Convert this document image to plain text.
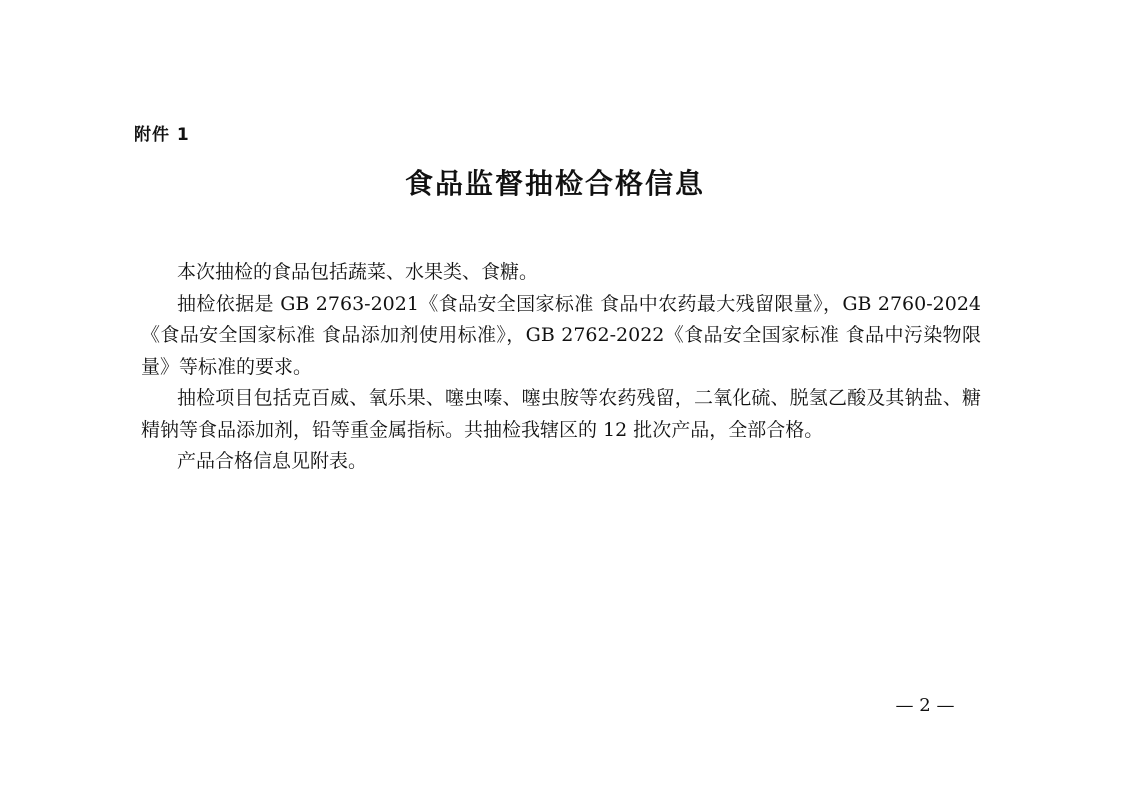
附件 1
食品监督抽检合格信息

本次抽检的食品包括蔬菜、水果类、食糖。

抽检依据是 GB 2763-2021《食品安全国家标准 食品中农药最大残留限量》，GB 2760-2024《食品安全国家标准 食品添加剂使用标准》，GB 2762-2022《食品安全国家标准 食品中污染物限量》等标准的要求。

抽检项目包括克百威、氧乐果、噻虫嗪、噻虫胺等农药残留，二氧化硫、脱氢乙酸及其钠盐、糖精钠等食品添加剂，铅等重金属指标。共抽检我辖区的 12 批次产品，全部合格。

产品合格信息见附表。

— 2 —
